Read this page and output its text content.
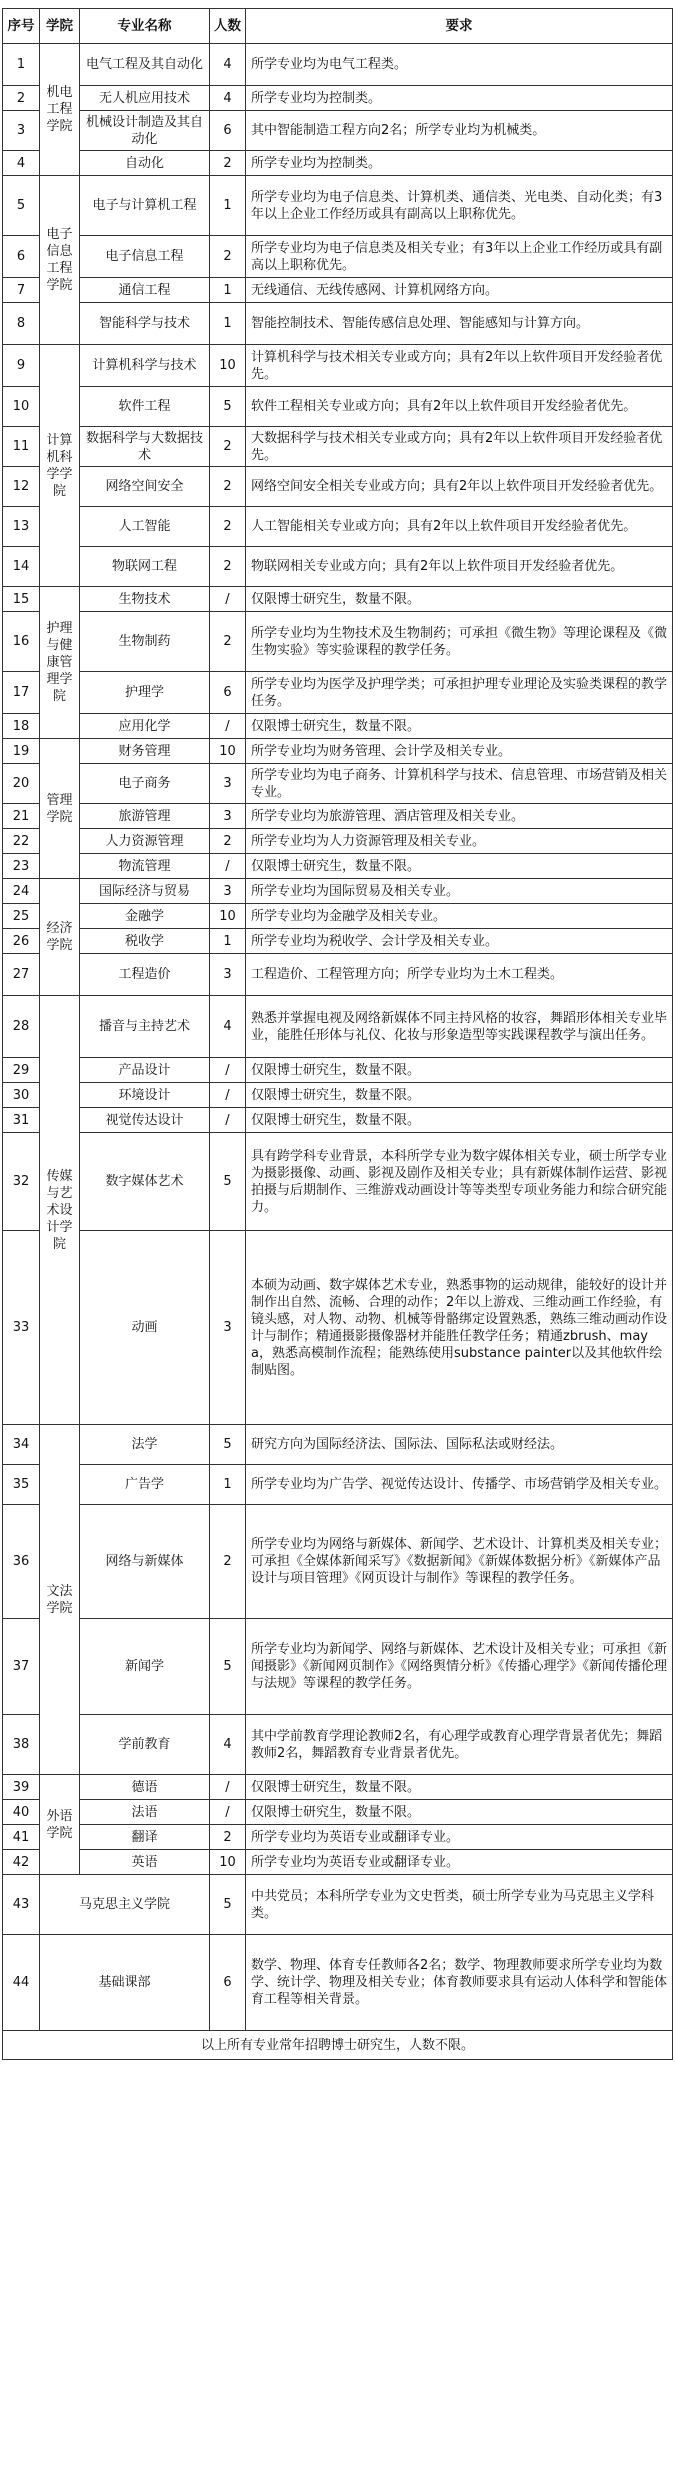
序号	学院	专业名称	人数	要求
1	机电工程学院	电气工程及其自动化	4	所学专业均为电气工程类。
2		无人机应用技术	4	所学专业均为控制类。
3		机械设计制造及其自动化	6	其中智能制造工程方向2名；所学专业均为机械类。
4		自动化	2	所学专业均为控制类。
5	电子信息工程学院	电子与计算机工程	1	所学专业均为电子信息类、计算机类、通信类、光电类、自动化类；有3年以上企业工作经历或具有副高以上职称优先。
6		电子信息工程	2	所学专业均为电子信息类及相关专业；有3年以上企业工作经历或具有副高以上职称优先。
7		通信工程	1	无线通信、无线传感网、计算机网络方向。
8		智能科学与技术	1	智能控制技术、智能传感信息处理、智能感知与计算方向。
9	计算机科学学院	计算机科学与技术	10	计算机科学与技术相关专业或方向；具有2年以上软件项目开发经验者优先。
10		软件工程	5	软件工程相关专业或方向；具有2年以上软件项目开发经验者优先。
11		数据科学与大数据技术	2	大数据科学与技术相关专业或方向；具有2年以上软件项目开发经验者优先。
12		网络空间安全	2	网络空间安全相关专业或方向；具有2年以上软件项目开发经验者优先。
13		人工智能	2	人工智能相关专业或方向；具有2年以上软件项目开发经验者优先。
14		物联网工程	2	物联网相关专业或方向；具有2年以上软件项目开发经验者优先。
15	护理与健康管理学院	生物技术	/	仅限博士研究生，数量不限。
16		生物制药	2	所学专业均为生物技术及生物制药；可承担《微生物》等理论课程及《微生物实验》等实验课程的教学任务。
17		护理学	6	所学专业均为医学及护理学类；可承担护理专业理论及实验类课程的教学任务。
18		应用化学	/	仅限博士研究生，数量不限。
19	管理学院	财务管理	10	所学专业均为财务管理、会计学及相关专业。
20		电子商务	3	所学专业均为电子商务、计算机科学与技术、信息管理、市场营销及相关专业。
21		旅游管理	3	所学专业均为旅游管理、酒店管理及相关专业。
22		人力资源管理	2	所学专业均为人力资源管理及相关专业。
23		物流管理	/	仅限博士研究生，数量不限。
24	经济学院	国际经济与贸易	3	所学专业均为国际贸易及相关专业。
25		金融学	10	所学专业均为金融学及相关专业。
26		税收学	1	所学专业均为税收学、会计学及相关专业。
27		工程造价	3	工程造价、工程管理方向；所学专业均为土木工程类。
28	传媒与艺术设计学院	播音与主持艺术	4	熟悉并掌握电视及网络新媒体不同主持风格的妆容，舞蹈形体相关专业毕业，能胜任形体与礼仪、化妆与形象造型等实践课程教学与演出任务。
29		产品设计	/	仅限博士研究生，数量不限。
30		环境设计	/	仅限博士研究生，数量不限。
31		视觉传达设计	/	仅限博士研究生，数量不限。
32		数字媒体艺术	5	具有跨学科专业背景，本科所学专业为数字媒体相关专业，硕士所学专业为摄影摄像、动画、影视及剧作及相关专业；具有新媒体制作运营、影视拍摄与后期制作、三维游戏动画设计等等类型专项业务能力和综合研究能力。
33		动画	3	本硕为动画、数字媒体艺术专业，熟悉事物的运动规律，能较好的设计并制作出自然、流畅、合理的动作；2年以上游戏、三维动画工作经验，有镜头感，对人物、动物、机械等骨骼绑定设置熟悉，熟练三维动画动作设计与制作；精通摄影摄像器材并能胜任教学任务；精通zbrush、maya，熟悉高模制作流程；能熟练使用substance painter以及其他软件绘制贴图。
34	文法学院	法学	5	研究方向为国际经济法、国际法、国际私法或财经法。
35		广告学	1	所学专业均为广告学、视觉传达设计、传播学、市场营销学及相关专业。
36		网络与新媒体	2	所学专业均为网络与新媒体、新闻学、艺术设计、计算机类及相关专业；可承担《全媒体新闻采写》《数据新闻》《新媒体数据分析》《新媒体产品设计与项目管理》《网页设计与制作》等课程的教学任务。
37		新闻学	5	所学专业均为新闻学、网络与新媒体、艺术设计及相关专业；可承担《新闻摄影》《新闻网页制作》《网络舆情分析》《传播心理学》《新闻传播伦理与法规》等课程的教学任务。
38		学前教育	4	其中学前教育学理论教师2名，有心理学或教育心理学背景者优先；舞蹈教师2名，舞蹈教育专业背景者优先。
39	外语学院	德语	/	仅限博士研究生，数量不限。
40		法语	/	仅限博士研究生，数量不限。
41		翻译	2	所学专业均为英语专业或翻译专业。
42		英语	10	所学专业均为英语专业或翻译专业。
43	马克思主义学院		5	中共党员；本科所学专业为文史哲类，硕士所学专业为马克思主义学科类。
44	基础课部		6	数学、物理、体育专任教师各2名；数学、物理教师要求所学专业均为数学、统计学、物理及相关专业；体育教师要求具有运动人体科学和智能体育工程等相关背景。
以上所有专业常年招聘博士研究生，人数不限。				
